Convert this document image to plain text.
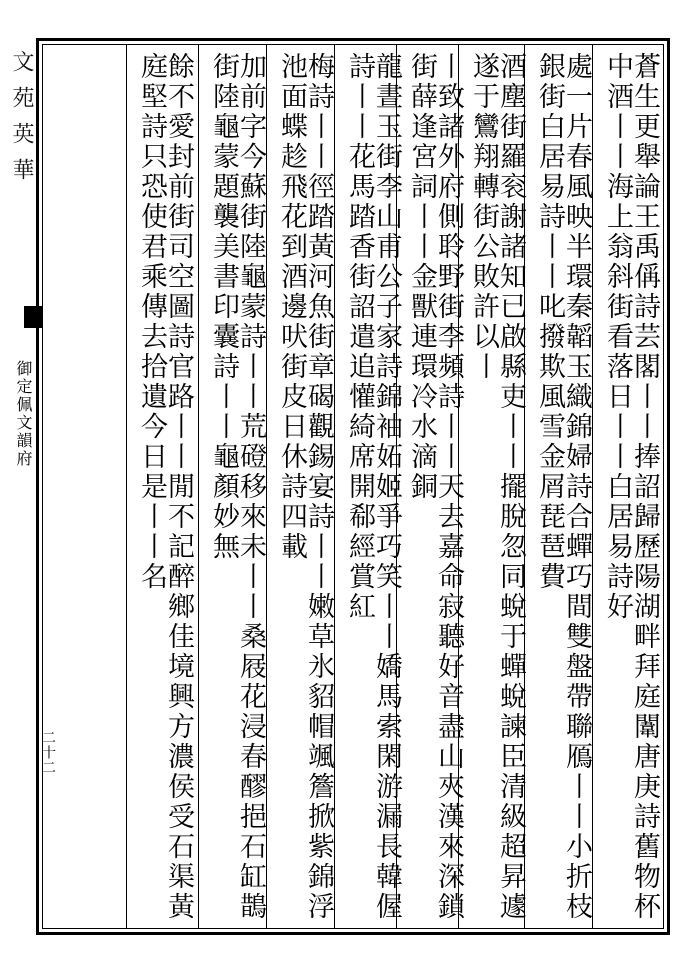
文苑英華
御定佩文韻府
二十二	蒼生更舉論王禹偁詩芸閣丨丨捧詔歸歷陽湖畔拜庭闈唐庚詩舊物杯中酒丨丨海上翁斜街看落日丨丨白居易詩好
處一片春風映半環秦韜玉織錦婦詩合蟬巧間雙盤帶聯鴈丨丨小折枝銀街白居易詩丨丨叱撥欺風雪金屑琵琶費
酒塵街羅衮謝諸知已啟縣吏丨丨擺脫忽同蛻于蟬蛻諫臣清級超昇遽遂于鸞翔轉街公敗許以丨
丨致諸外府側聆野街李頻詩丨丨天去嘉命寂聽好音盡山夾漢來深鎖街薛逢宮詞丨丨金獸連環冷水滴銅
龍晝玉街李山甫公子家詩錦袖妬姬爭巧笑丨丨嬌馬索閑游漏長韓偓詩丨丨花馬踏香街詔遣追懽綺席開郗經賞紅
梅詩丨丨徑踏黃河魚街章碣觀錫宴詩丨丨嫩草氷貂帽颯簷掀紫錦浮池面蝶趁飛花到酒邊吠街皮日休詩四載
加前字今蘇街陸龜蒙詩丨丨荒磴移來未丨丨桑屐花浸春醪挹石缸鵲街陸龜蒙題襲美書印囊詩丨丨龜顏妙無
餘不愛封前街司空圖詩官路丨丨閒不記醉鄉佳境興方濃侯受石渠黃庭堅詩只恐使君乘傳去拾遺今日是丨丨名
